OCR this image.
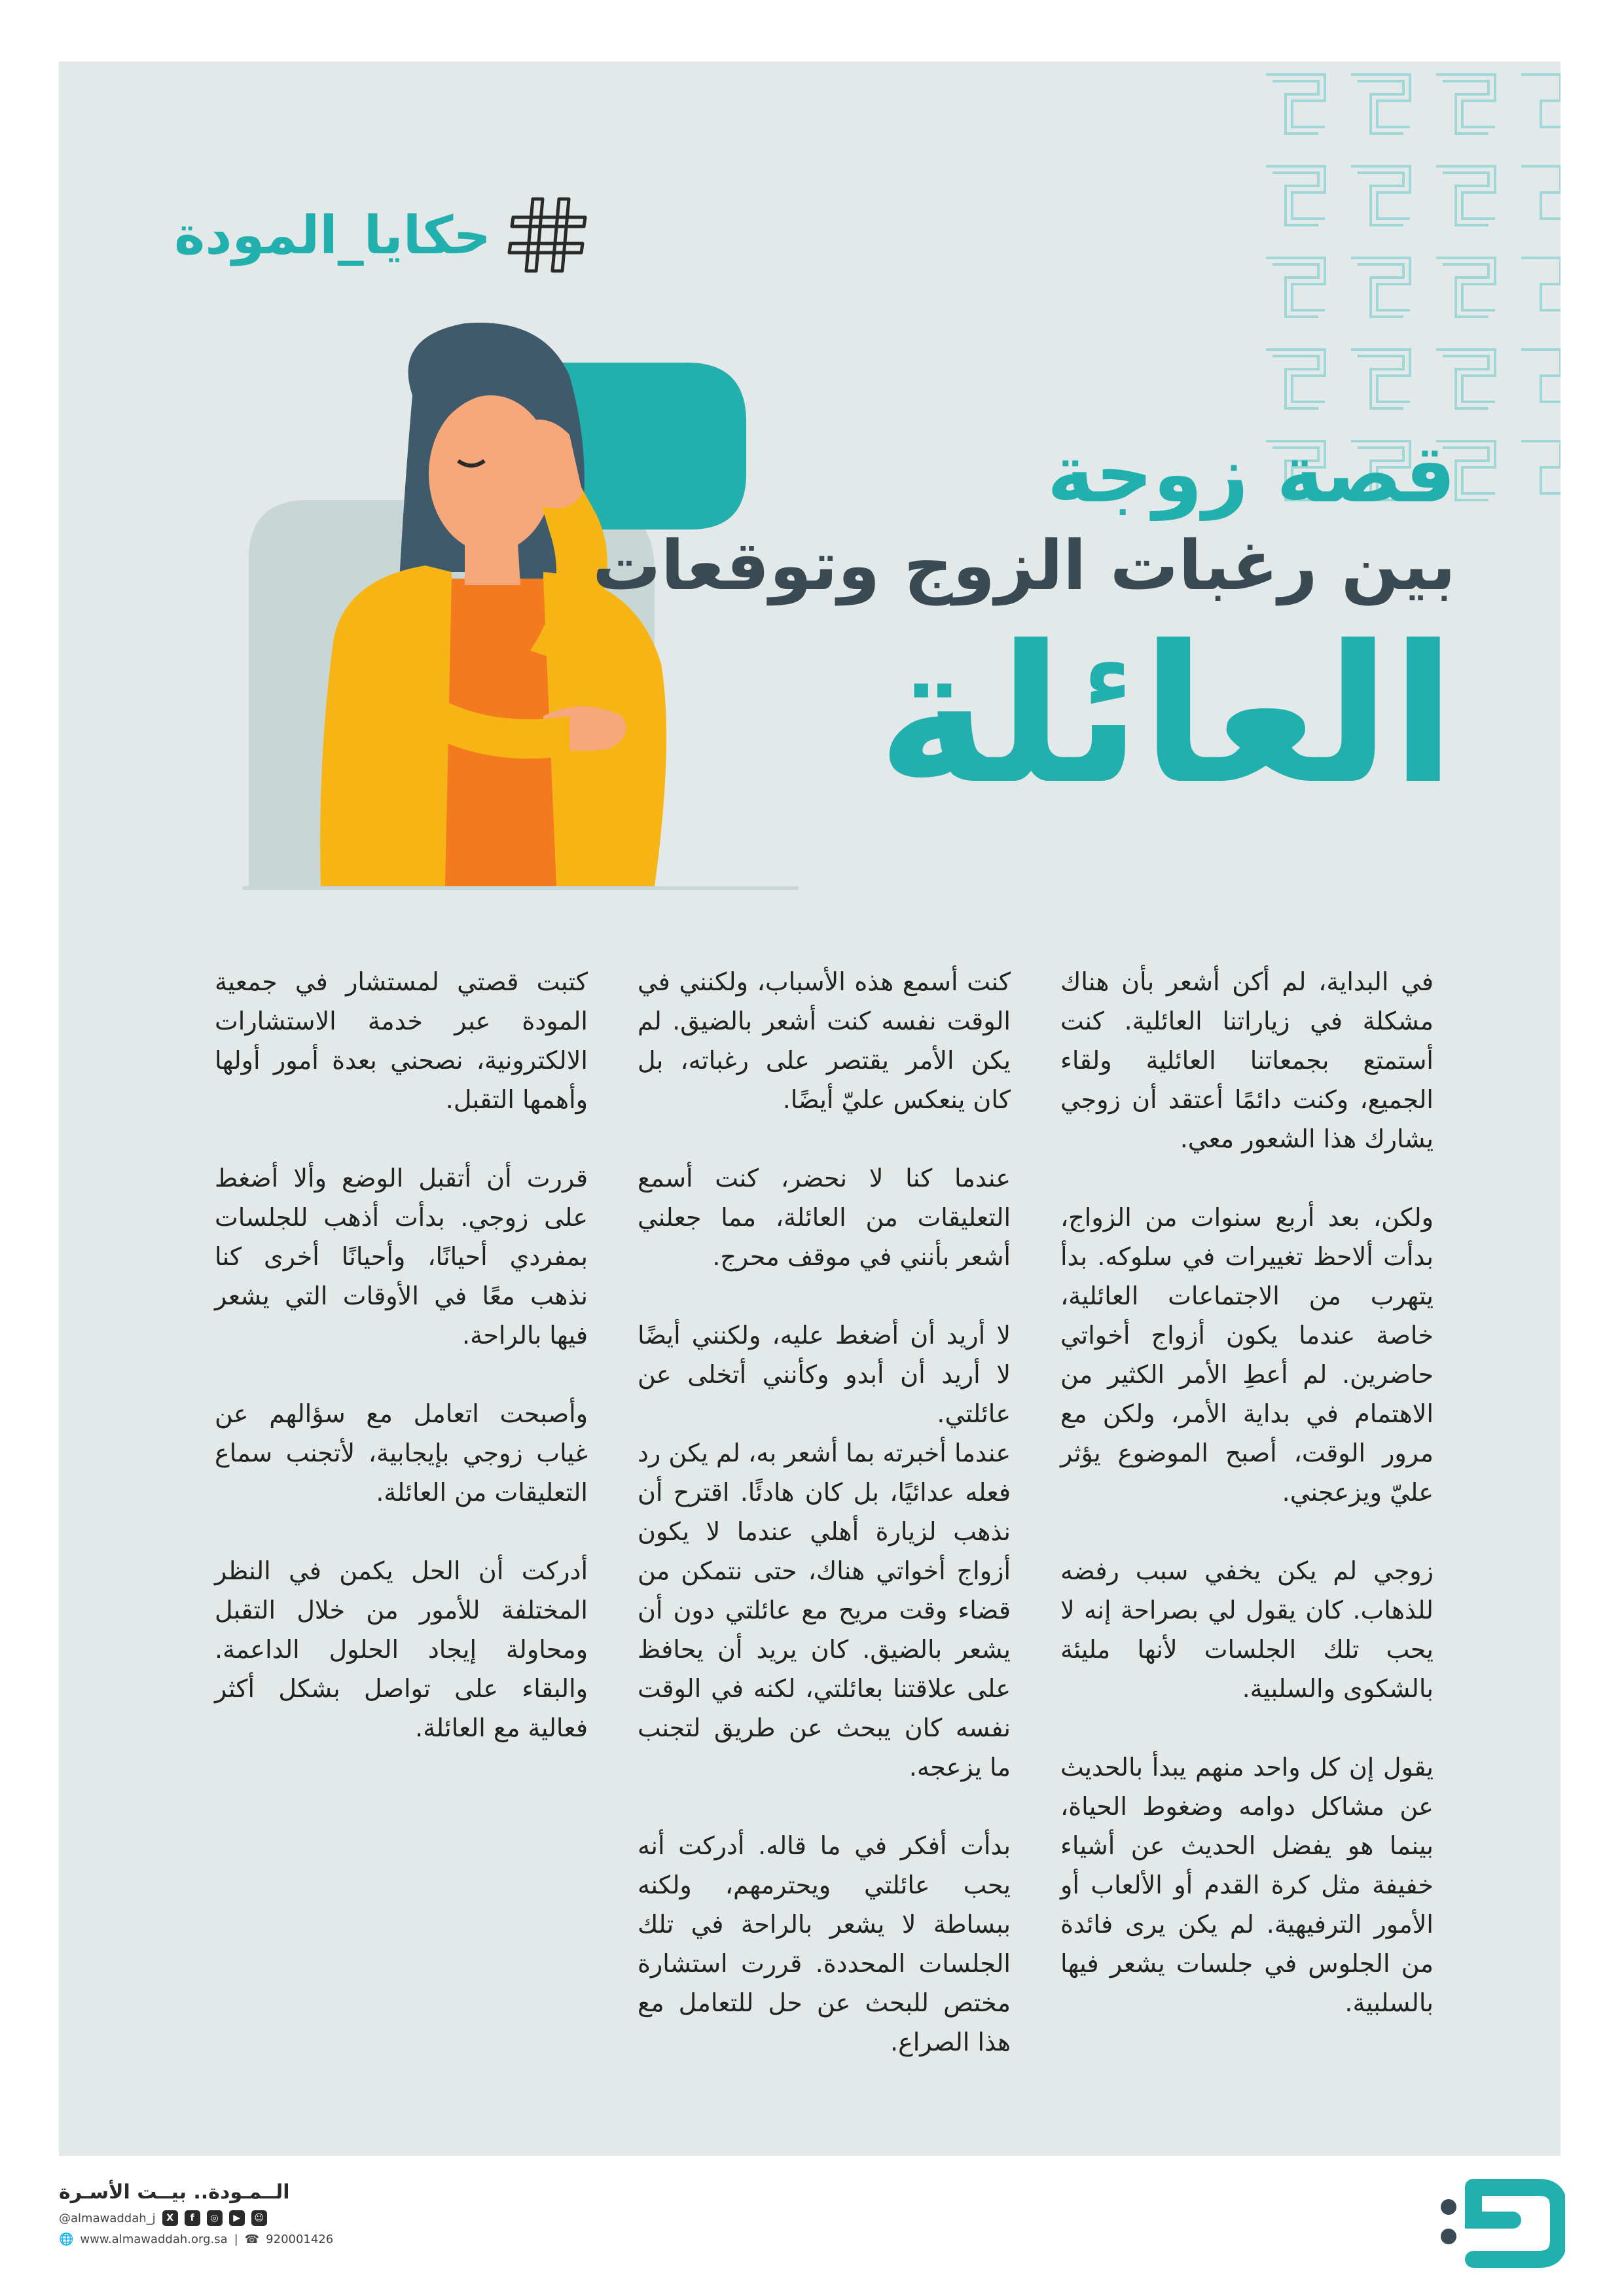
حكايا_المودة
قصة زوجة
بين رغبات الزوج وتوقعات
العائلة

في البداية، لم أكن أشعر بأن هناك مشكلة في زياراتنا العائلية. كنت أستمتع بجمعاتنا العائلية ولقاء الجميع، وكنت دائمًا أعتقد أن زوجي يشارك هذا الشعور معي.

ولكن، بعد أربع سنوات من الزواج، بدأت ألاحظ تغييرات في سلوكه. بدأ يتهرب من الاجتماعات العائلية، خاصة عندما يكون أزواج أخواتي حاضرين. لم أعطِ الأمر الكثير من الاهتمام في بداية الأمر، ولكن مع مرور الوقت، أصبح الموضوع يؤثر عليّ ويزعجني.

زوجي لم يكن يخفي سبب رفضه للذهاب. كان يقول لي بصراحة إنه لا يحب تلك الجلسات لأنها مليئة بالشكوى والسلبية.

يقول إن كل واحد منهم يبدأ بالحديث عن مشاكل دوامه وضغوط الحياة، بينما هو يفضل الحديث عن أشياء خفيفة مثل كرة القدم أو الألعاب أو الأمور الترفيهية. لم يكن يرى فائدة من الجلوس في جلسات يشعر فيها بالسلبية.

كنت أسمع هذه الأسباب، ولكنني في الوقت نفسه كنت أشعر بالضيق. لم يكن الأمر يقتصر على رغباته، بل كان ينعكس عليّ أيضًا.

عندما كنا لا نحضر، كنت أسمع التعليقات من العائلة، مما جعلني أشعر بأنني في موقف محرج.

لا أريد أن أضغط عليه، ولكنني أيضًا لا أريد أن أبدو وكأنني أتخلى عن عائلتي.

عندما أخبرته بما أشعر به، لم يكن رد فعله عدائيًا، بل كان هادئًا. اقترح أن نذهب لزيارة أهلي عندما لا يكون أزواج أخواتي هناك، حتى نتمكن من قضاء وقت مريح مع عائلتي دون أن يشعر بالضيق. كان يريد أن يحافظ على علاقتنا بعائلتي، لكنه في الوقت نفسه كان يبحث عن طريق لتجنب ما يزعجه.

بدأت أفكر في ما قاله. أدركت أنه يحب عائلتي ويحترمهم، ولكنه ببساطة لا يشعر بالراحة في تلك الجلسات المحددة. قررت استشارة مختص للبحث عن حل للتعامل مع هذا الصراع.

كتبت قصتي لمستشار في جمعية المودة عبر خدمة الاستشارات الالكترونية، نصحني بعدة أمور أولها وأهمها التقبل.

قررت أن أتقبل الوضع وألا أضغط على زوجي. بدأت أذهب للجلسات بمفردي أحيانًا، وأحيانًا أخرى كنا نذهب معًا في الأوقات التي يشعر فيها بالراحة.

وأصبحت اتعامل مع سؤالهم عن غياب زوجي بإيجابية، لأتجنب سماع التعليقات من العائلة.

أدركت أن الحل يكمن في النظر المختلفة للأمور من خلال التقبل ومحاولة إيجاد الحلول الداعمة. والبقاء على تواصل بشكل أكثر فعالية مع العائلة.

الــمـودة.. بيــت الأسـرة
@almawaddah_j	X	f	◎	▶	☺
🌐 www.almawaddah.org.sa | ☎ 920001426
